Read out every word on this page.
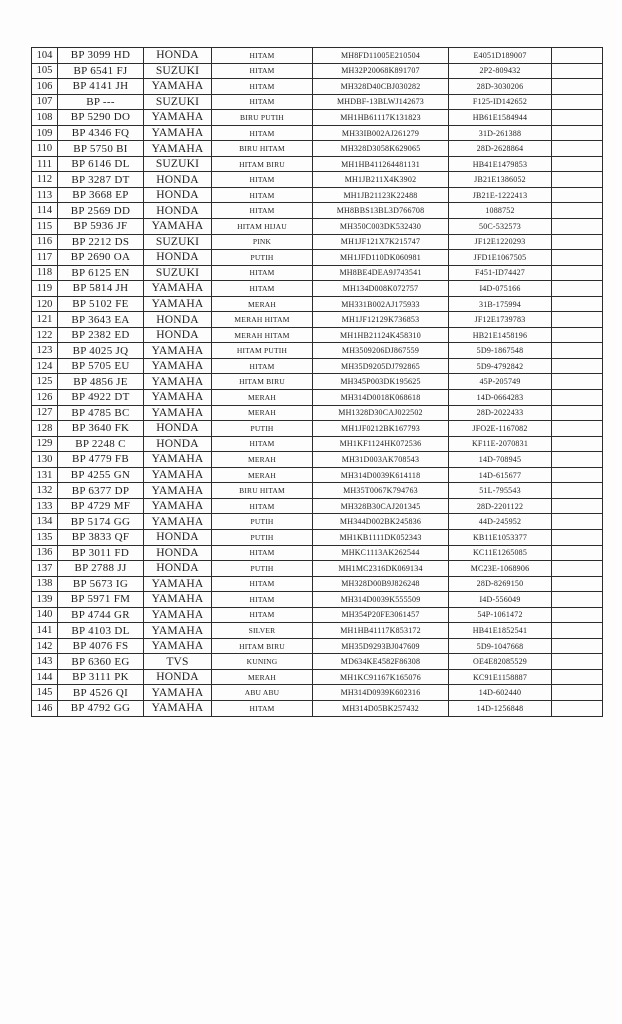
104	BP 3099 HD	HONDA	HITAM	MH8FD11005E210504	E4051D189007	
105	BP 6541 FJ	SUZUKI	HITAM	MH32P20068K891707	2P2-809432	
106	BP 4141 JH	YAMAHA	HITAM	MH328D40CBJ030282	28D-3030206	
107	BP ---	SUZUKI	HITAM	MHDBF-13BLWJ142673	F125-ID142652	
108	BP 5290 DO	YAMAHA	BIRU PUTIH	MH1HB61117K131823	HB61E1584944	
109	BP 4346 FQ	YAMAHA	HITAM	MH33IB002AJ261279	31D-261388	
110	BP 5750 BI	YAMAHA	BIRU HITAM	MH328D3058K629065	28D-2628864	
111	BP 6146 DL	SUZUKI	HITAM BIRU	MH1HB411264481131	HB41E1479853	
112	BP 3287 DT	HONDA	HITAM	MH1JB211X4K3902	JB21E1386052	
113	BP 3668 EP	HONDA	HITAM	MH1JB21123K22488	JB21E-1222413	
114	BP 2569 DD	HONDA	HITAM	MH8BBS13BL3D766708	1088752	
115	BP 5936 JF	YAMAHA	HITAM HIJAU	MH350C003DK532430	50C-532573	
116	BP 2212 DS	SUZUKI	PINK	MH1JF121X7K215747	JF12E1220293	
117	BP 2690 OA	HONDA	PUTIH	MH1JFD110DK060981	JFD1E1067505	
118	BP 6125 EN	SUZUKI	HITAM	MH8BE4DEA9J743541	F451-ID74427	
119	BP 5814 JH	YAMAHA	HITAM	MH134D008K072757	I4D-075166	
120	BP 5102 FE	YAMAHA	MERAH	MH331B002AJ175933	31B-175994	
121	BP 3643 EA	HONDA	MERAH HITAM	MH1JF12129K736853	JF12E1739783	
122	BP 2382 ED	HONDA	MERAH HITAM	MH1HB21124K458310	HB21E1458196	
123	BP 4025 JQ	YAMAHA	HITAM PUTIH	MH3509206DJ867559	5D9-1867548	
124	BP 5705 EU	YAMAHA	HITAM	MH35D9205DJ792865	5D9-4792842	
125	BP 4856 JE	YAMAHA	HITAM BIRU	MH345P003DK195625	45P-205749	
126	BP 4922 DT	YAMAHA	MERAH	MH314D0018K068618	14D-0664283	
127	BP 4785 BC	YAMAHA	MERAH	MH1328D30CAJ022502	28D-2022433	
128	BP 3640 FK	HONDA	PUTIH	MH1JF0212BK167793	JFO2E-1167082	
129	BP 2248 C	HONDA	HITAM	MH1KF1124HK072536	KF11E-2070831	
130	BP 4779 FB	YAMAHA	MERAH	MH31D003AK708543	14D-708945	
131	BP 4255 GN	YAMAHA	MERAH	MH314D0039K614118	14D-615677	
132	BP 6377 DP	YAMAHA	BIRU HITAM	MH35T0067K794763	51L-795543	
133	BP 4729 MF	YAMAHA	HITAM	MH328B30CAJ201345	28D-2201122	
134	BP 5174 GG	YAMAHA	PUTIH	MH344D002BK245836	44D-245952	
135	BP 3833 QF	HONDA	PUTIH	MH1KB1111DK052343	KB11E1053377	
136	BP 3011 FD	HONDA	HITAM	MHKC1113AK262544	KC11E1265085	
137	BP 2788 JJ	HONDA	PUTIH	MH1MC2316DK069134	MC23E-1068906	
138	BP 5673 IG	YAMAHA	HITAM	MH328D00B9J826248	28D-8269150	
139	BP 5971 FM	YAMAHA	HITAM	MH314D0039K555509	I4D-556049	
140	BP 4744 GR	YAMAHA	HITAM	MH354P20FE3061457	54P-1061472	
141	BP 4103 DL	YAMAHA	SILVER	MH1HB41117K853172	HB41E1852541	
142	BP 4076 FS	YAMAHA	HITAM BIRU	MH35D9293BJ047609	5D9-1047668	
143	BP 6360 EG	TVS	KUNING	MD634KE4582F86308	OE4E82085529	
144	BP 3111 PK	HONDA	MERAH	MH1KC91167K165076	KC91E1158887	
145	BP 4526 QI	YAMAHA	ABU ABU	MH314D0939K602316	14D-602440	
146	BP 4792 GG	YAMAHA	HITAM	MH314D05BK257432	14D-1256848	
